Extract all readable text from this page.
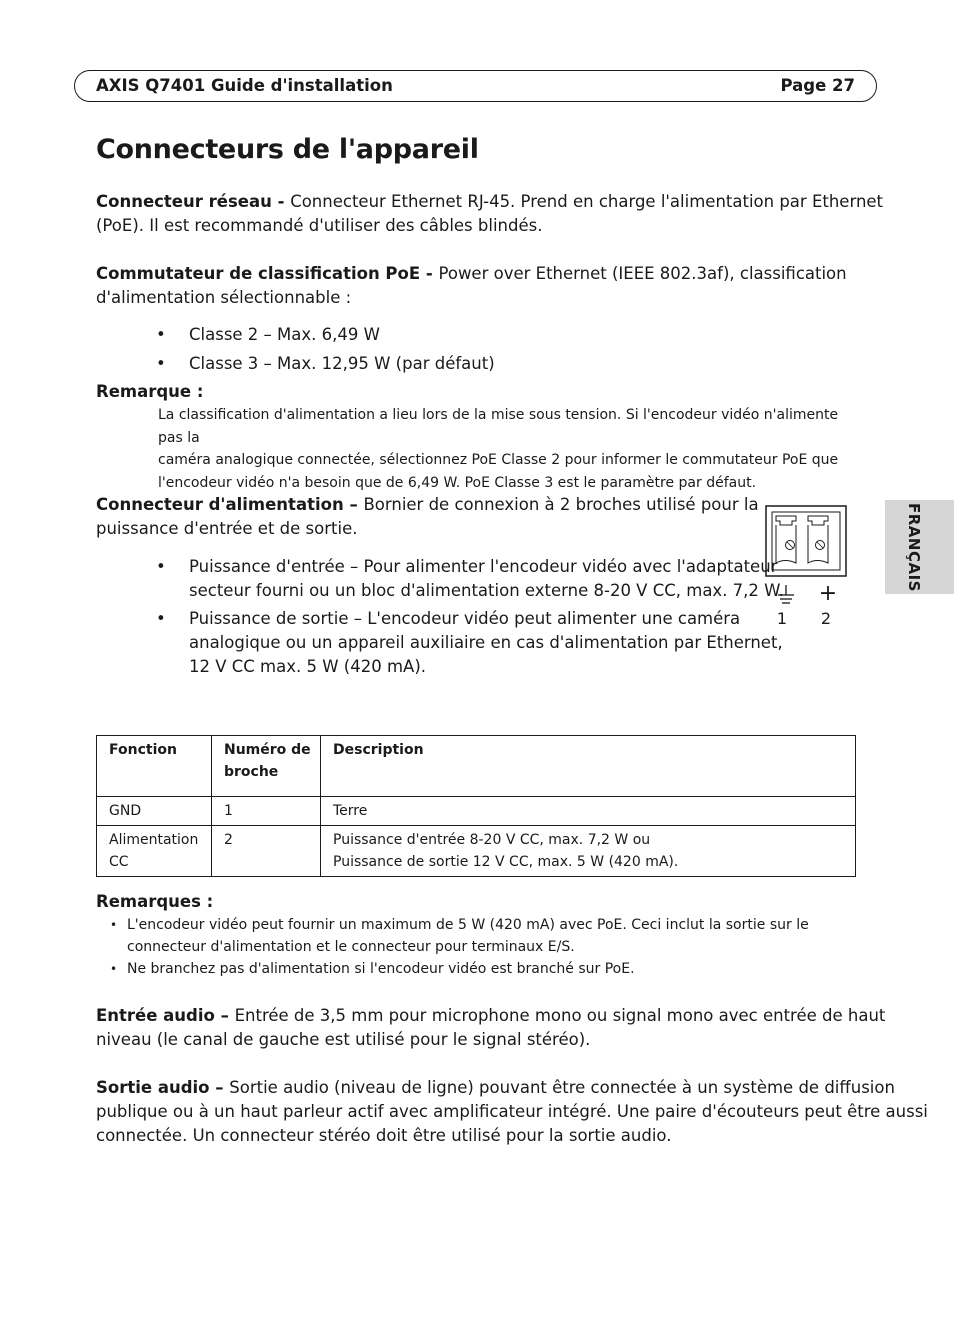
AXIS Q7401 Guide d'installation	Page 27
Connecteurs de l'appareil

Connecteur réseau - Connecteur Ethernet RJ-45. Prend en charge l'alimentation par Ethernet
(PoE). Il est recommandé d'utiliser des câbles blindés.

Commutateur de classification PoE - Power over Ethernet (IEEE 802.3af), classification
d'alimentation sélectionnable :

• Classe 2 – Max. 6,49 W
• Classe 3 – Max. 12,95 W (par défaut)
Remarque :

La classification d'alimentation a lieu lors de la mise sous tension. Si l'encodeur vidéo n'alimente pas la
caméra analogique connectée, sélectionnez PoE Classe 2 pour informer le commutateur PoE que
l'encodeur vidéo n'a besoin que de 6,49 W. PoE Classe 3 est le paramètre par défaut.

Connecteur d'alimentation – Bornier de connexion à 2 broches utilisé pour la
puissance d'entrée et de sortie.

• Puissance d'entrée – Pour alimenter l'encodeur vidéo avec l'adaptateur
secteur fourni ou un bloc d'alimentation externe 8-20 V CC, max. 7,2 W.
• Puissance de sortie – L'encodeur vidéo peut alimenter une caméra
analogique ou un appareil auxiliaire en cas d'alimentation par Ethernet,
12 V CC max. 5 W (420 mA).
+
1 2
FRANÇAIS
Fonction	Numéro de broche	Description
GND	1	Terre
Alimentation CC	2	Puissance d'entrée 8-20 V CC, max. 7,2 W ou
Puissance de sortie 12 V CC, max. 5 W (420 mA).
Remarques :
• L'encodeur vidéo peut fournir un maximum de 5 W (420 mA) avec PoE. Ceci inclut la sortie sur le
connecteur d'alimentation et le connecteur pour terminaux E/S.
• Ne branchez pas d'alimentation si l'encodeur vidéo est branché sur PoE.

Entrée audio – Entrée de 3,5 mm pour microphone mono ou signal mono avec entrée de haut
niveau (le canal de gauche est utilisé pour le signal stéréo).

Sortie audio – Sortie audio (niveau de ligne) pouvant être connectée à un système de diffusion
publique ou à un haut parleur actif avec amplificateur intégré. Une paire d'écouteurs peut être aussi
connectée. Un connecteur stéréo doit être utilisé pour la sortie audio.
